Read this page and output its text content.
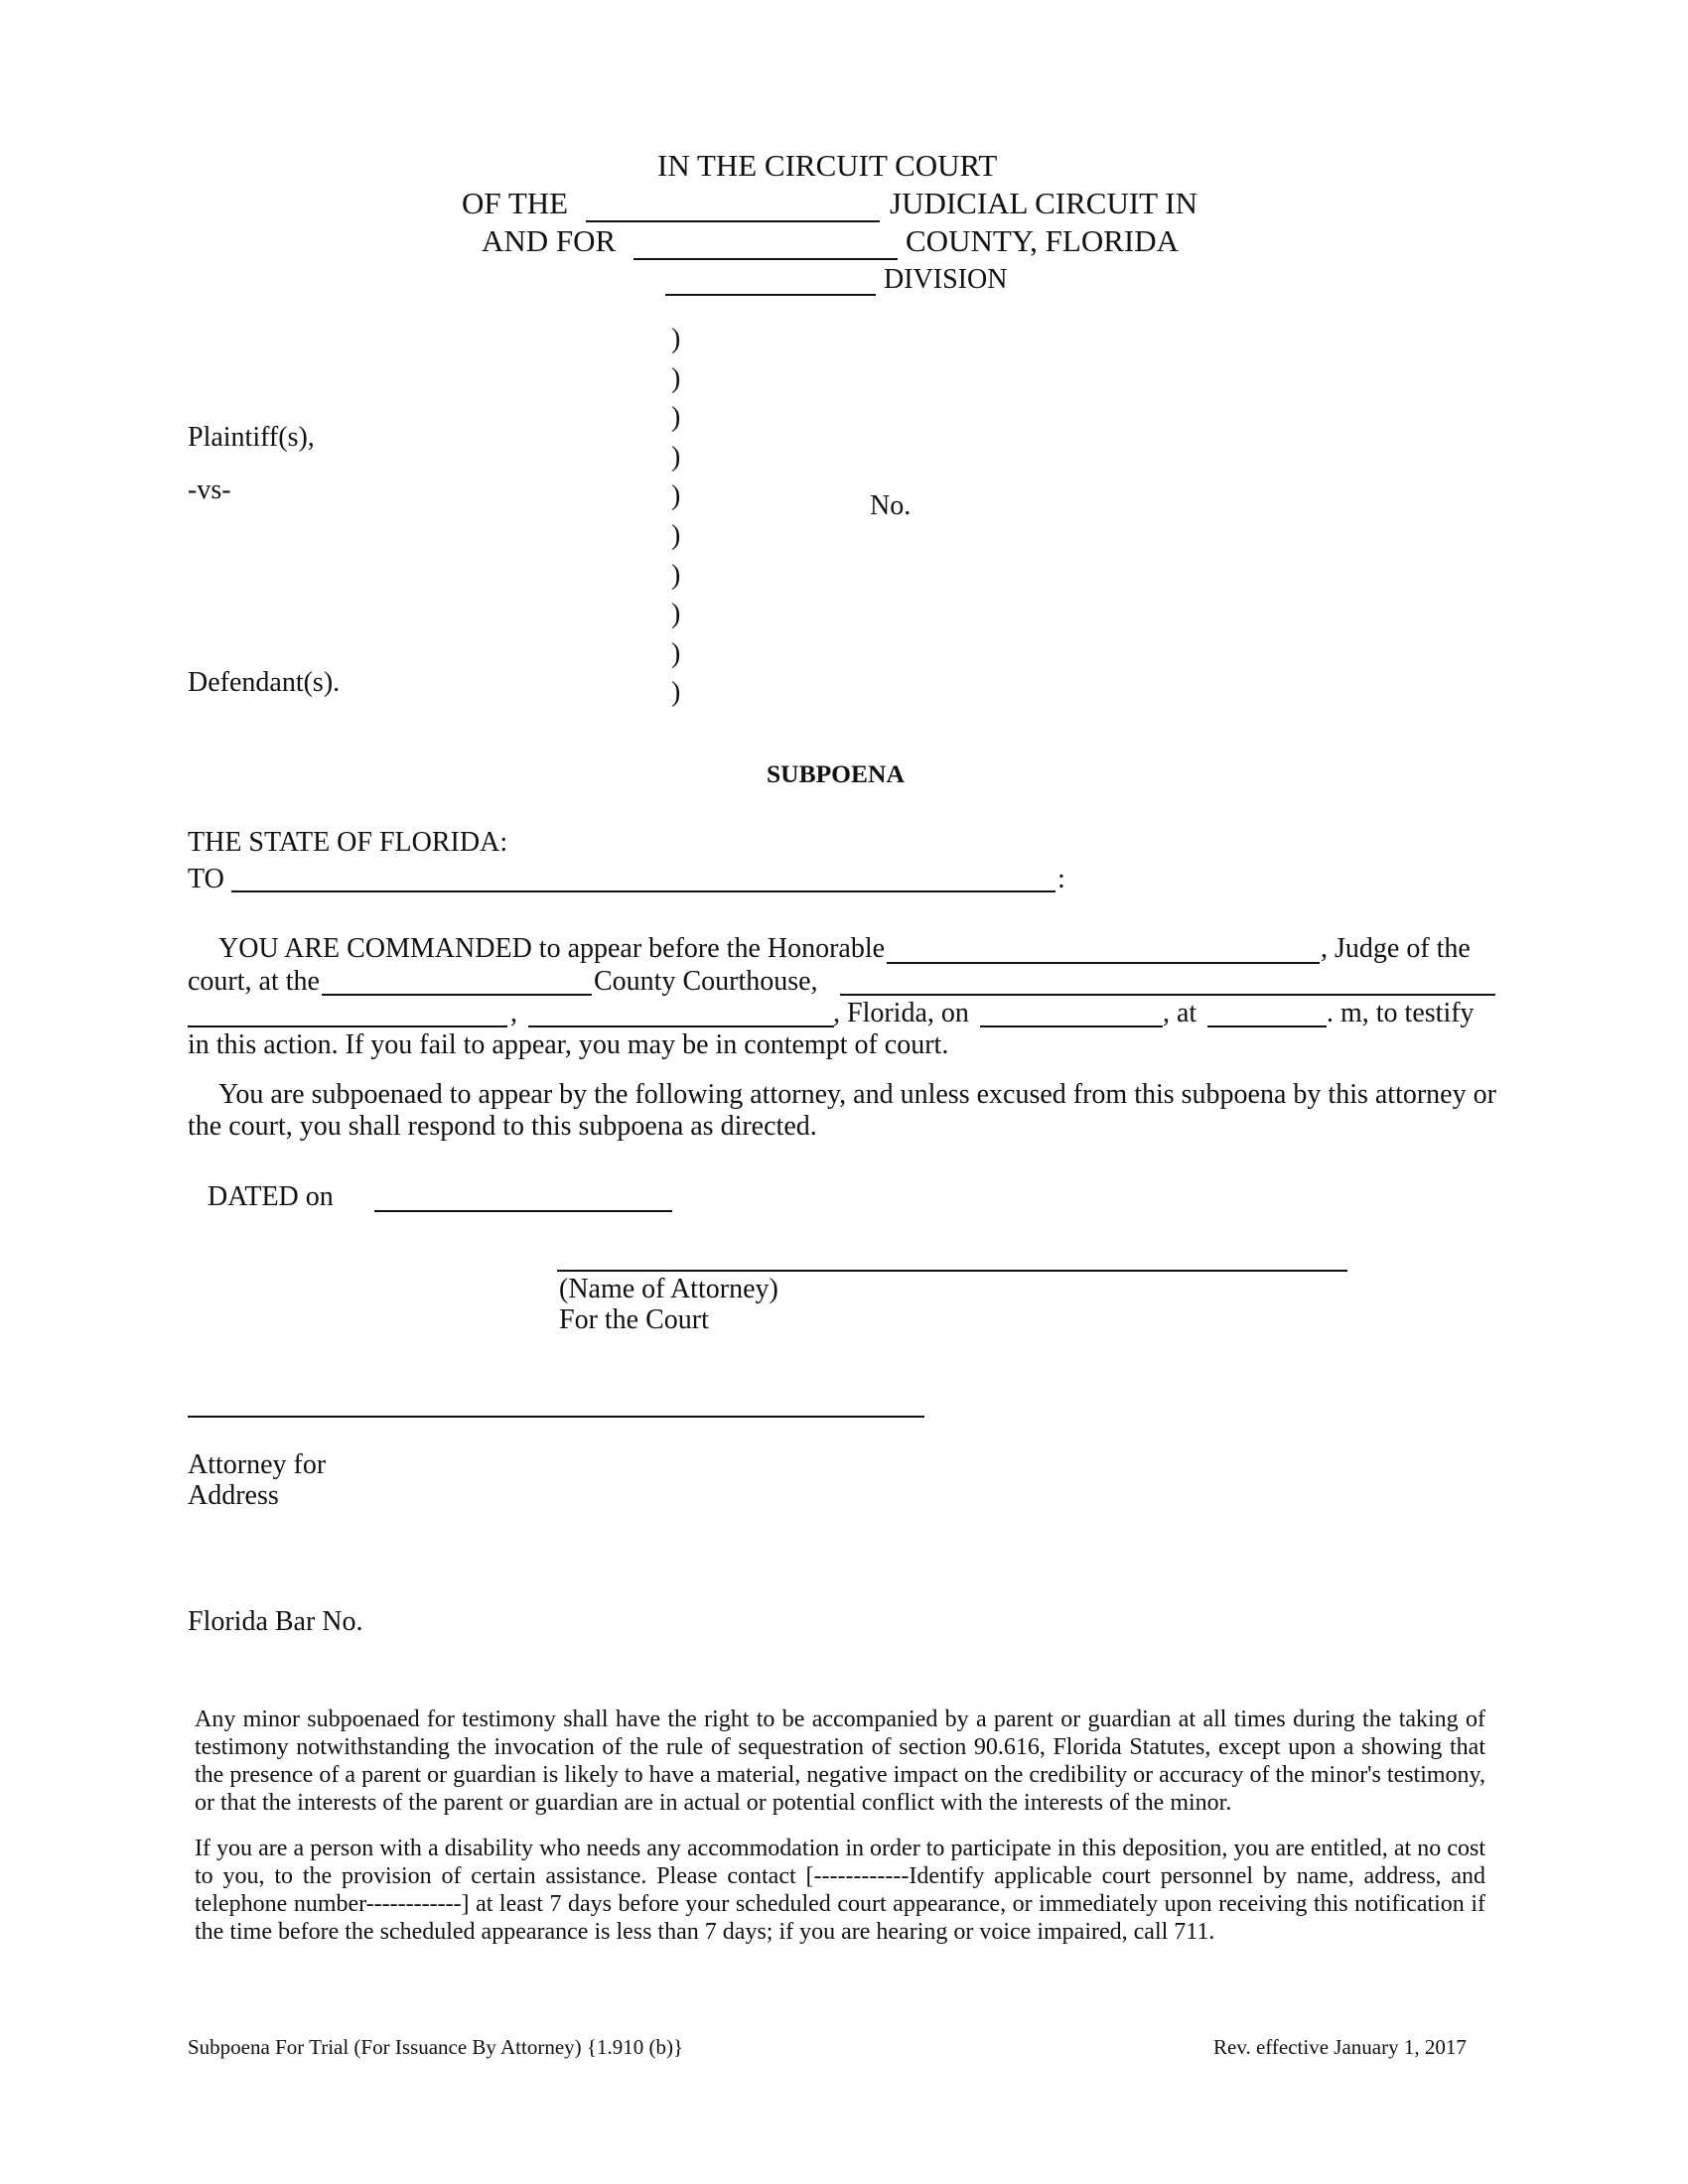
IN THE CIRCUIT COURT
OF THE	JUDICIAL CIRCUIT IN
AND FOR	COUNTY, FLORIDA
DIVISION
Plaintiff(s),
-vs-
Defendant(s).
)
)
)
)
)
)
)
)
)
)
No.
SUBPOENA
THE STATE OF FLORIDA:
TO	:
YOU ARE COMMANDED to appear before the Honorable	, Judge of the
court, at the	County Courthouse,
,	, Florida, on	, at	. m, to testify
in this action. If you fail to appear, you may be in contempt of court.
You are subpoenaed to appear by the following attorney, and unless excused from this subpoena by this attorney or the court, you shall respond to this subpoena as directed.
DATED on
(Name of Attorney)
For the Court
Attorney for
Address
Florida Bar No.
Any minor subpoenaed for testimony shall have the right to be accompanied by a parent or guardian at all times during the taking of testimony notwithstanding the invocation of the rule of sequestration of section 90.616, Florida Statutes, except upon a showing that the presence of a parent or guardian is likely to have a material, negative impact on the credibility or accuracy of the minor's testimony, or that the interests of the parent or guardian are in actual or potential conflict with the interests of the minor.
If you are a person with a disability who needs any accommodation in order to participate in this deposition, you are entitled, at no cost to you, to the provision of certain assistance. Please contact [------------Identify applicable court personnel by name, address, and telephone number------------] at least 7 days before your scheduled court appearance, or immediately upon receiving this notification if the time before the scheduled appearance is less than 7 days; if you are hearing or voice impaired, call 711.
Subpoena For Trial (For Issuance By Attorney) {1.910 (b)}	Rev. effective January 1, 2017
